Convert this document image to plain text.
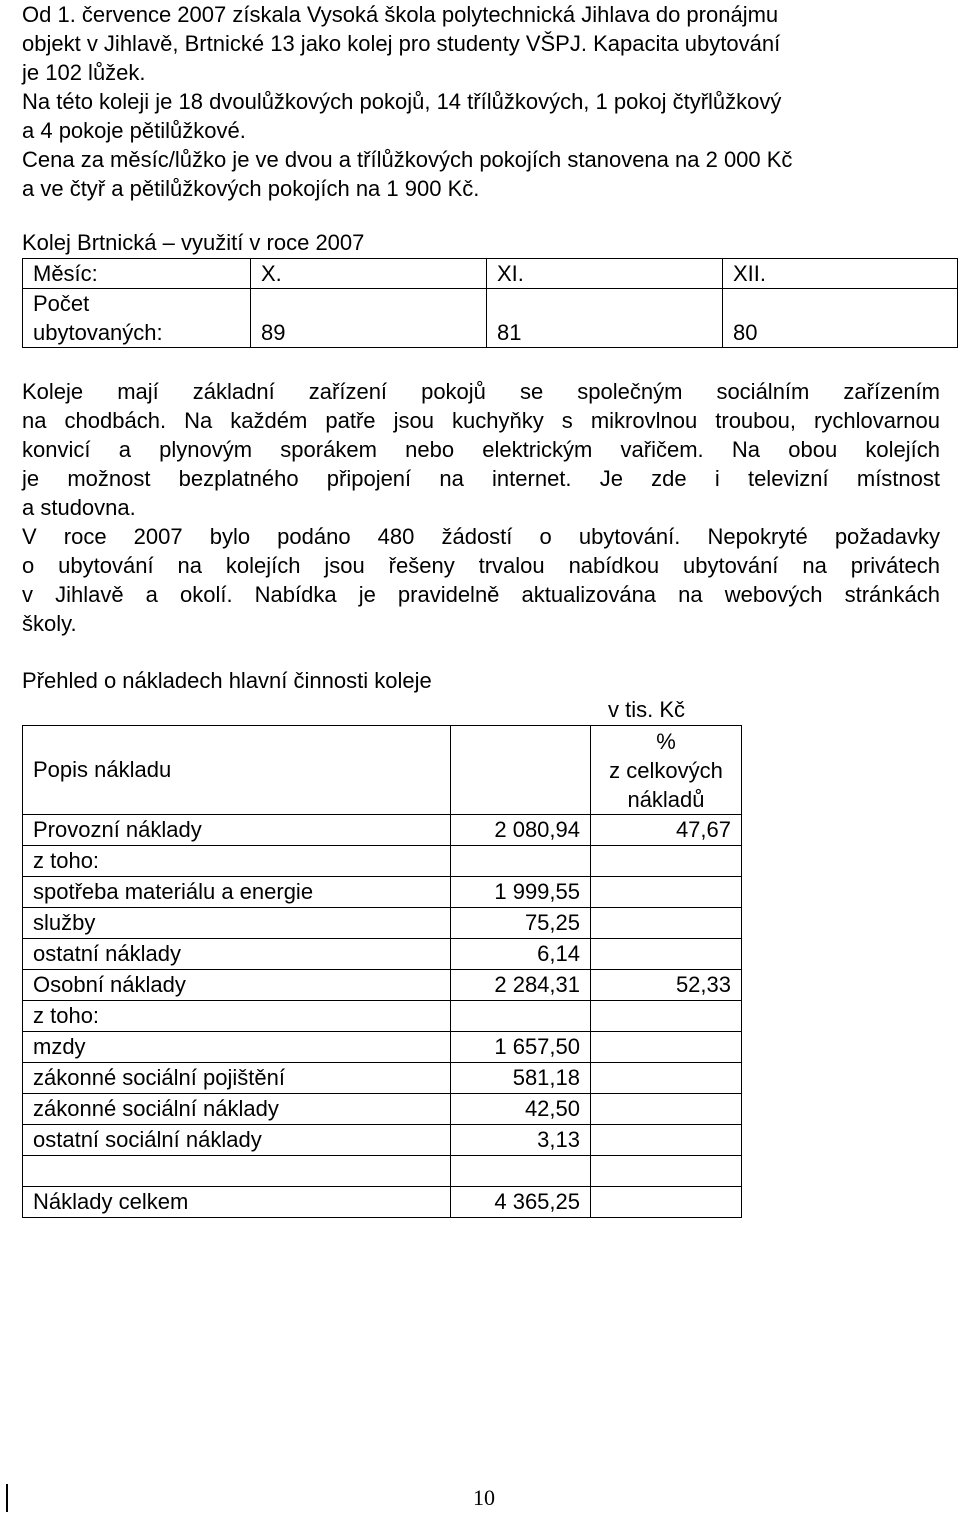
Od 1. července 2007 získala Vysoká škola polytechnická Jihlava do pronájmu

objekt v Jihlavě, Brtnické 13 jako kolej pro studenty VŠPJ. Kapacita ubytování

je 102 lůžek.

Na této koleji je 18 dvoulůžkových pokojů, 14 třílůžkových, 1 pokoj čtyřlůžkový

a 4 pokoje pětilůžkové.

Cena za měsíc/lůžko je ve dvou a třílůžkových pokojích stanovena na 2 000 Kč

a ve čtyř a pětilůžkových pokojích na 1 900 Kč.

Kolej Brtnická – využití v roce 2007
Měsíc:	X.	XI.	XII.
Počet
ubytovaných:	89	81	80

Koleje mají základní zařízení pokojů se společným sociálním zařízením

na chodbách. Na každém patře jsou kuchyňky s mikrovlnou troubou, rychlovarnou

konvicí a plynovým sporákem nebo elektrickým vařičem. Na obou kolejích

je možnost bezplatného připojení na internet. Je zde i televizní místnost

a studovna.

V roce 2007 bylo podáno 480 žádostí o ubytování. Nepokryté požadavky

o ubytování na kolejích jsou řešeny trvalou nabídkou ubytování na privátech

v Jihlavě a okolí. Nabídka je pravidelně aktualizována na webových stránkách

školy.

Přehled o nákladech hlavní činnosti koleje
v tis. Kč
Popis nákladu		%
z celkových
nákladů
Provozní náklady	2 080,94	47,67
z toho:		
spotřeba materiálu a energie	1 999,55	
služby	75,25	
ostatní náklady	6,14	
Osobní náklady	2 284,31	52,33
z toho:		
mzdy	1 657,50	
zákonné sociální pojištění	581,18	
zákonné sociální náklady	42,50	
ostatní sociální náklady	3,13	

Náklady celkem	4 365,25	
10
